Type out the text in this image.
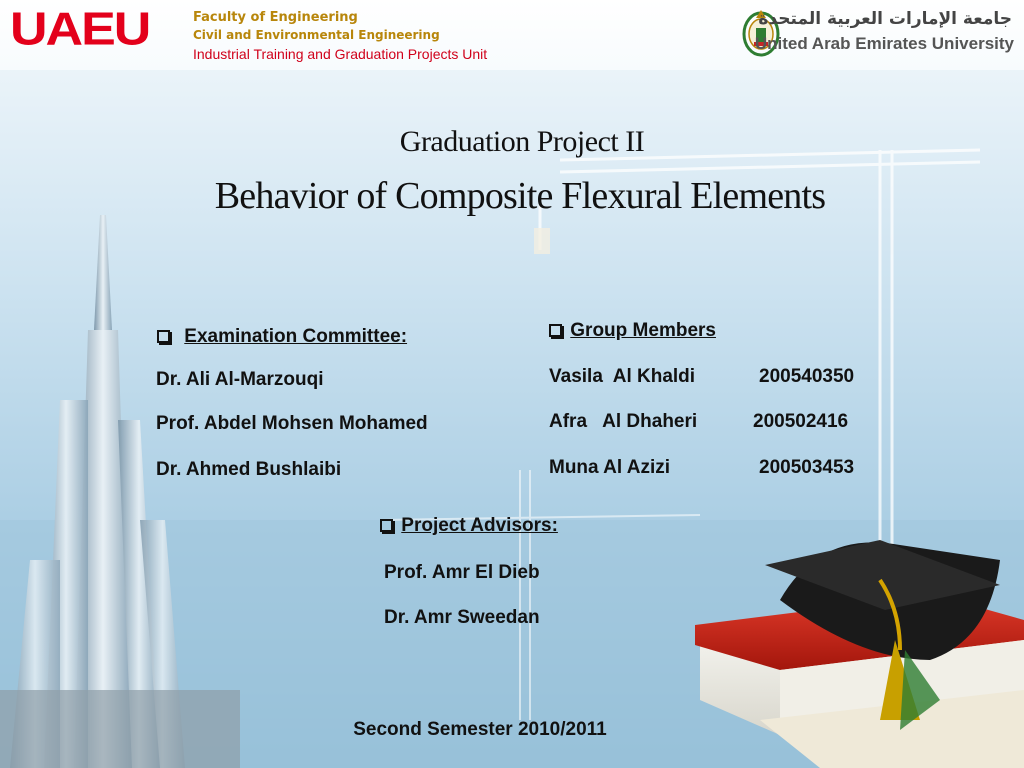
UAEU	Faculty of Engineering
Civil and Environmental Engineering
Industrial Training and Graduation Projects Unit
جامعة الإمارات العربية المتحدة
United Arab Emirates University
Graduation Project II
Behavior of Composite Flexural Elements
Examination Committee:
Dr. Ali Al-Marzouqi
Prof. Abdel Mohsen Mohamed
Dr. Ahmed Bushlaibi
Group Members
Vasila  Al Khaldi	200540350
Afra   Al Dhaheri	200502416
Muna Al Azizi	200503453
Project Advisors:
Prof. Amr El Dieb
Dr. Amr Sweedan
Second Semester 2010/2011
